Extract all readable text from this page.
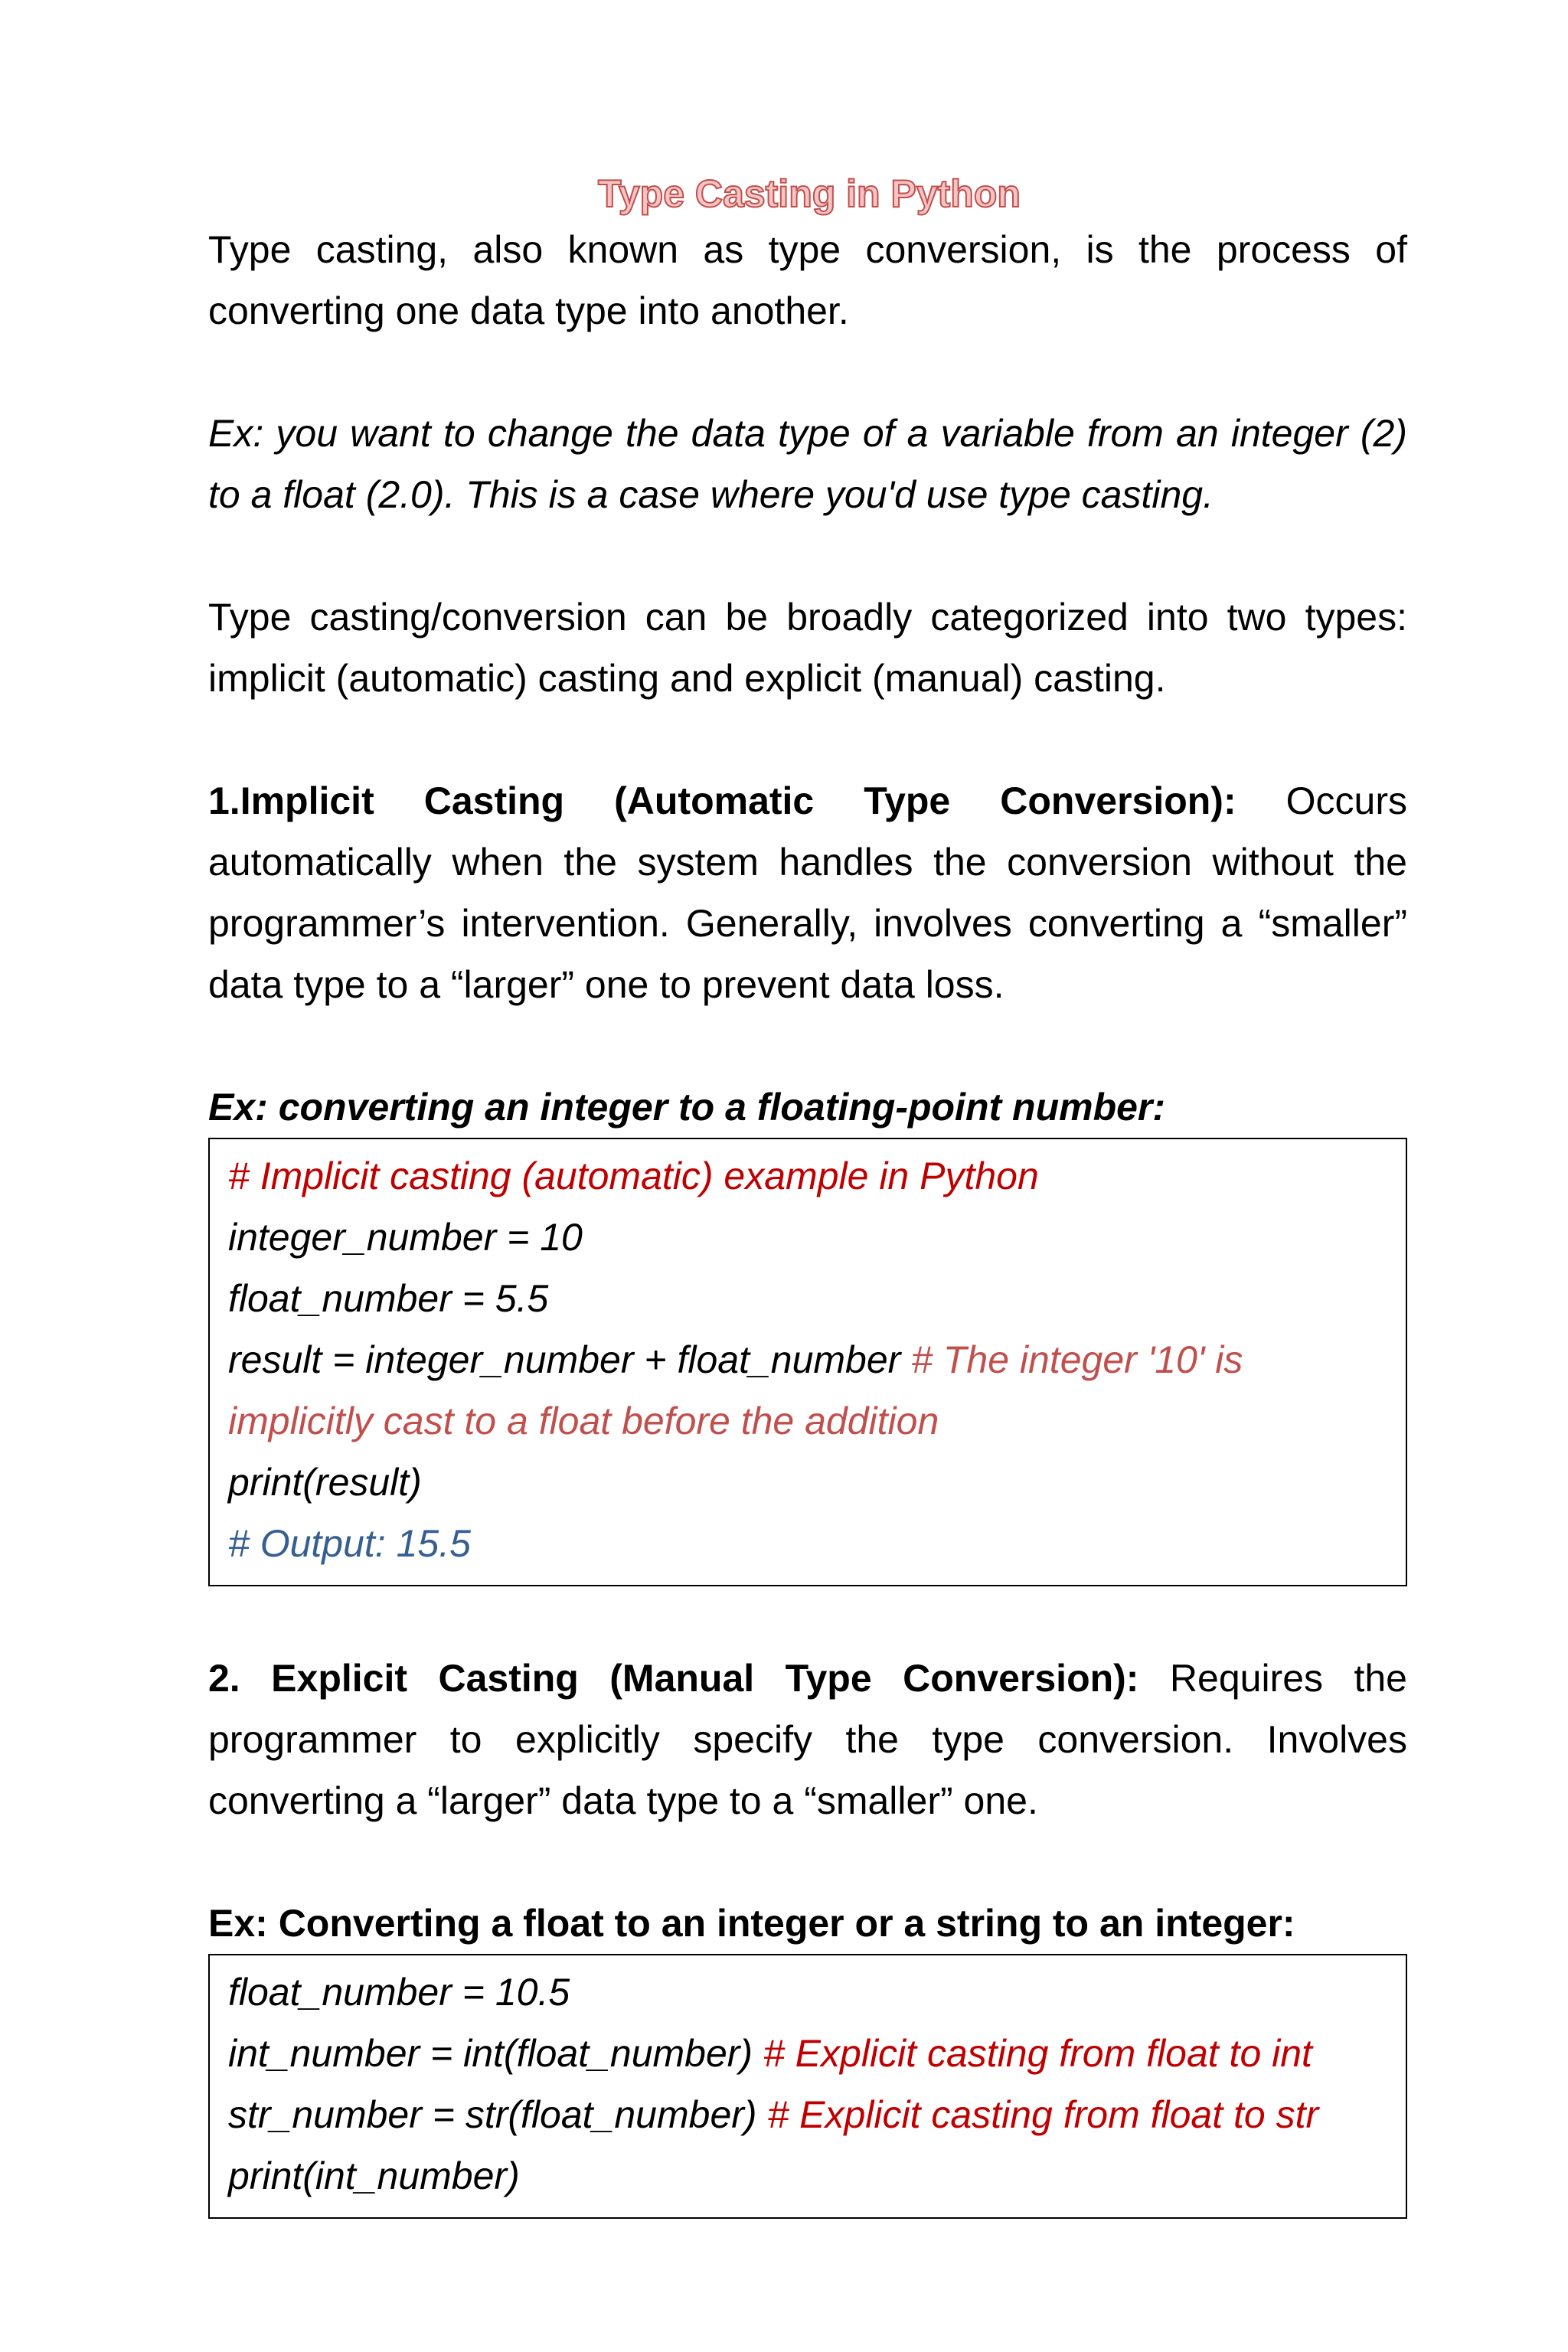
Type Casting in Python

Type casting, also known as type conversion, is the process of converting one data type into another.

Ex: you want to change the data type of a variable from an integer (2) to a float (2.0). This is a case where you'd use type casting.

Type casting/conversion can be broadly categorized into two types: implicit (automatic) casting and explicit (manual) casting.

1.Implicit Casting (Automatic Type Conversion): Occurs automatically when the system handles the conversion without the programmer’s intervention. Generally, involves converting a “smaller” data type to a “larger” one to prevent data loss.

Ex: converting an integer to a floating-point number:

# Implicit casting (automatic) example in Python

integer_number = 10

float_number = 5.5

result = integer_number + float_number # The integer '10' is implicitly cast to a float before the addition

print(result)

# Output: 15.5

2. Explicit Casting (Manual Type Conversion): Requires the programmer to explicitly specify the type conversion. Involves converting a “larger” data type to a “smaller” one.

Ex: Converting a float to an integer or a string to an integer:

float_number = 10.5

int_number = int(float_number) # Explicit casting from float to int

str_number = str(float_number) # Explicit casting from float to str

print(int_number)
